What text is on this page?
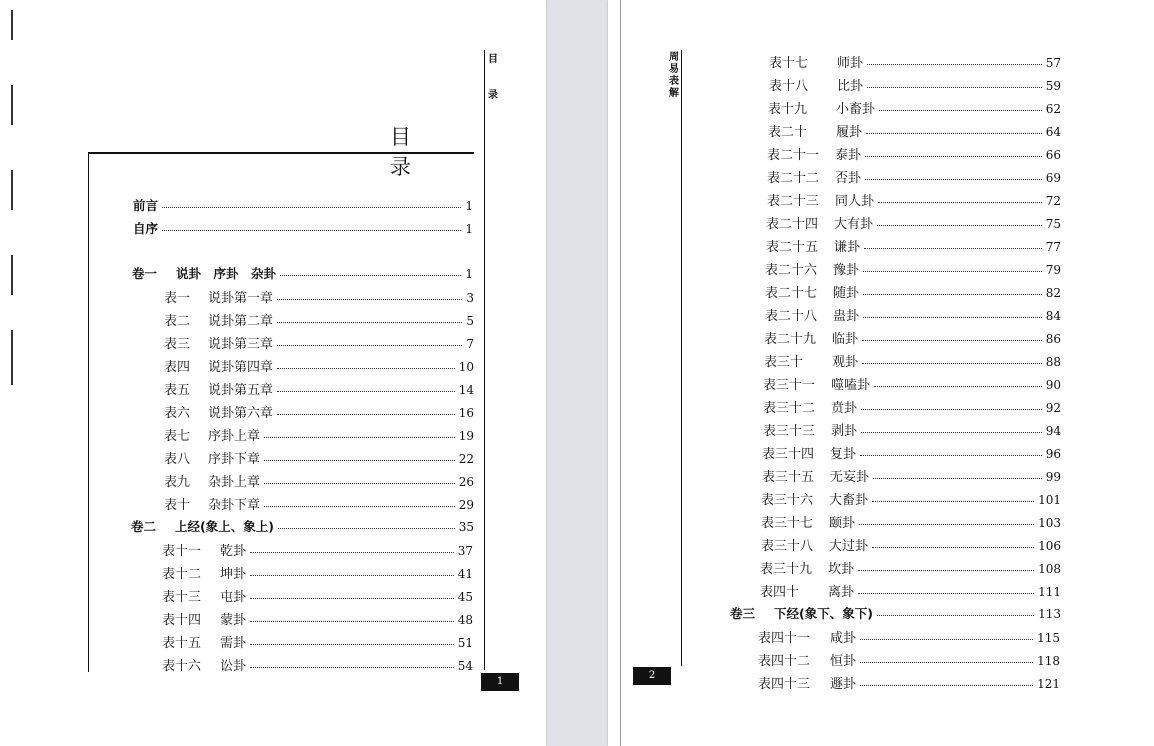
目
录
目 录
前言	1
自序	1
卷一	说卦　序卦　杂卦	1
表一	说卦第一章	3
表二	说卦第二章	5
表三	说卦第三章	7
表四	说卦第四章	10
表五	说卦第五章	14
表六	说卦第六章	16
表七	序卦上章	19
表八	序卦下章	22
表九	杂卦上章	26
表十	杂卦下章	29
卷二	上经(象上、象上)	35
表十一	乾卦	37
表十二	坤卦	41
表十三	屯卦	45
表十四	蒙卦	48
表十五	需卦	51
表十六	讼卦	54
1
周
易
表
解
表十七	师卦	57
表十八	比卦	59
表十九	小畜卦	62
表二十	履卦	64
表二十一	泰卦	66
表二十二	否卦	69
表二十三	同人卦	72
表二十四	大有卦	75
表二十五	谦卦	77
表二十六	豫卦	79
表二十七	随卦	82
表二十八	蛊卦	84
表二十九	临卦	86
表三十	观卦	88
表三十一	噬嗑卦	90
表三十二	贲卦	92
表三十三	剥卦	94
表三十四	复卦	96
表三十五	无妄卦	99
表三十六	大畜卦	101
表三十七	颐卦	103
表三十八	大过卦	106
表三十九	坎卦	108
表四十	离卦	111
卷三	下经(象下、象下)	113
表四十一	咸卦	115
表四十二	恒卦	118
表四十三	遯卦	121
2
